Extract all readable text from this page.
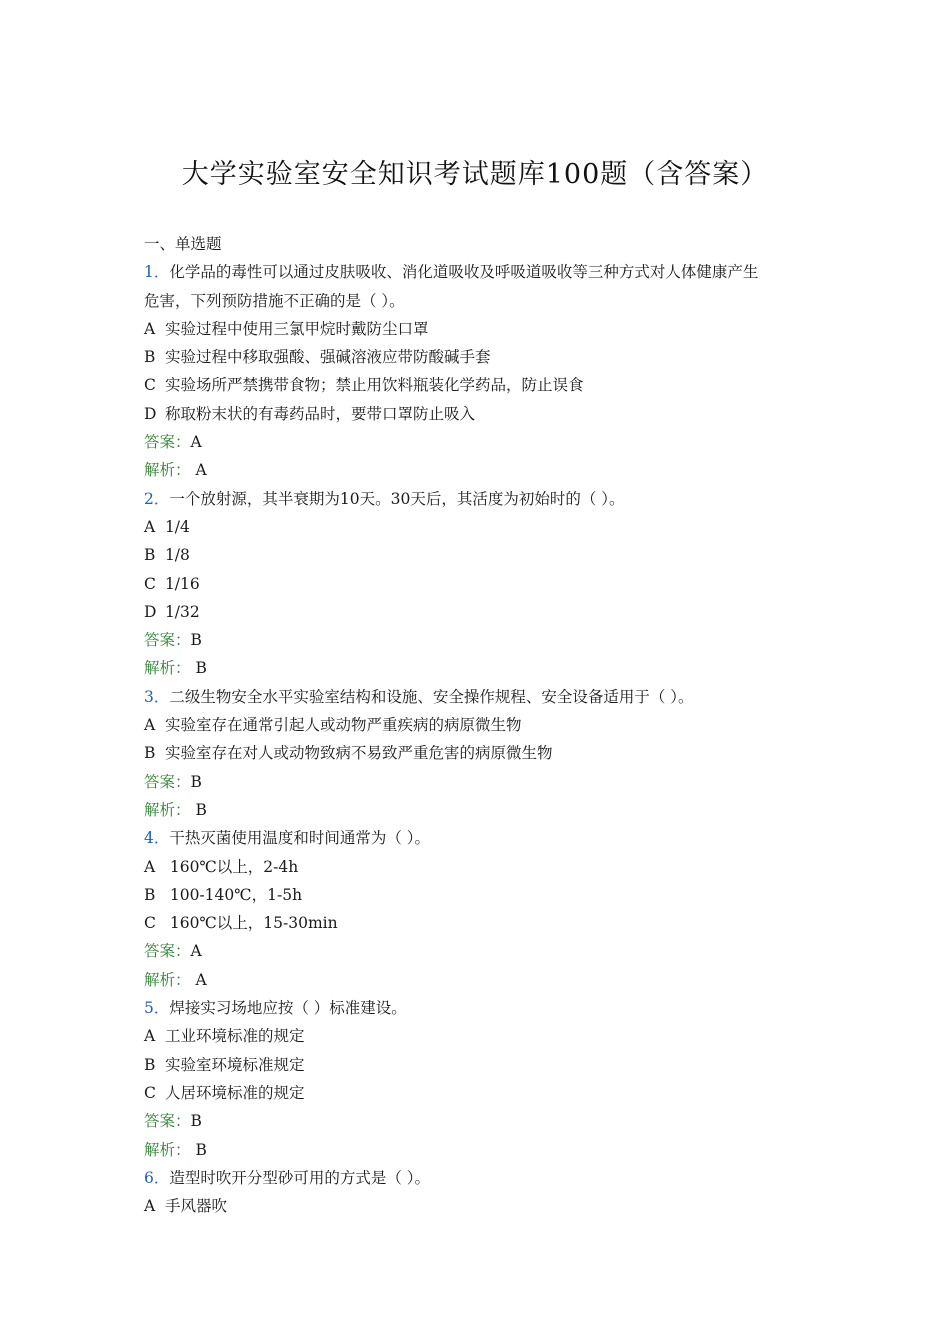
大学实验室安全知识考试题库100题（含答案）
一、单选题
1．化学品的毒性可以通过皮肤吸收、消化道吸收及呼吸道吸收等三种方式对人体健康产生
危害，下列预防措施不正确的是（ ）。
A 实验过程中使用三氯甲烷时戴防尘口罩
B 实验过程中移取强酸、强碱溶液应带防酸碱手套
C 实验场所严禁携带食物；禁止用饮料瓶装化学药品，防止误食
D 称取粉末状的有毒药品时，要带口罩防止吸入
答案：A
解析： A
2．一个放射源，其半衰期为10天。30天后，其活度为初始时的（ ）。
A 1/4
B 1/8
C 1/16
D 1/32
答案：B
解析： B
3．二级生物安全水平实验室结构和设施、安全操作规程、安全设备适用于（ ）。
A 实验室存在通常引起人或动物严重疾病的病原微生物
B 实验室存在对人或动物致病不易致严重危害的病原微生物
答案：B
解析： B
4．干热灭菌使用温度和时间通常为（ ）。
A  160℃以上，2-4h
B  100-140℃，1-5h
C  160℃以上，15-30min
答案：A
解析： A
5．焊接实习场地应按（ ）标准建设。
A 工业环境标准的规定
B 实验室环境标准规定
C 人居环境标准的规定
答案：B
解析： B
6．造型时吹开分型砂可用的方式是（ ）。
A 手风器吹
